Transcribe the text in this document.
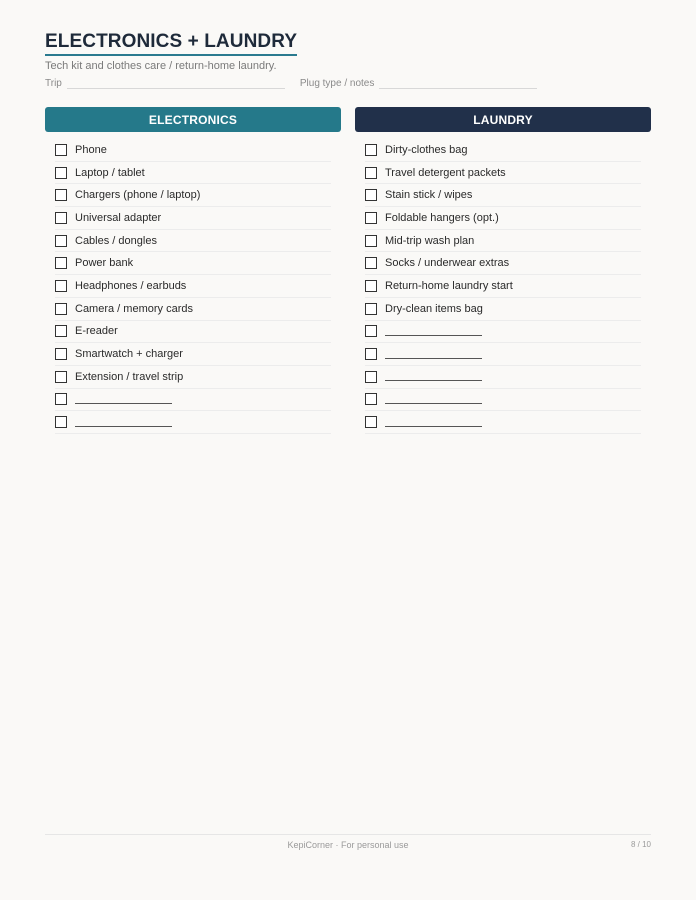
ELECTRONICS + LAUNDRY
Tech kit and clothes care / return-home laundry.
Trip	Plug type / notes
ELECTRONICS
Phone
Laptop / tablet
Chargers (phone / laptop)
Universal adapter
Cables / dongles
Power bank
Headphones / earbuds
Camera / memory cards
E-reader
Smartwatch + charger
Extension / travel strip
LAUNDRY
Dirty-clothes bag
Travel detergent packets
Stain stick / wipes
Foldable hangers (opt.)
Mid-trip wash plan
Socks / underwear extras
Return-home laundry start
Dry-clean items bag
KepiCorner · For personal use	8 / 10
